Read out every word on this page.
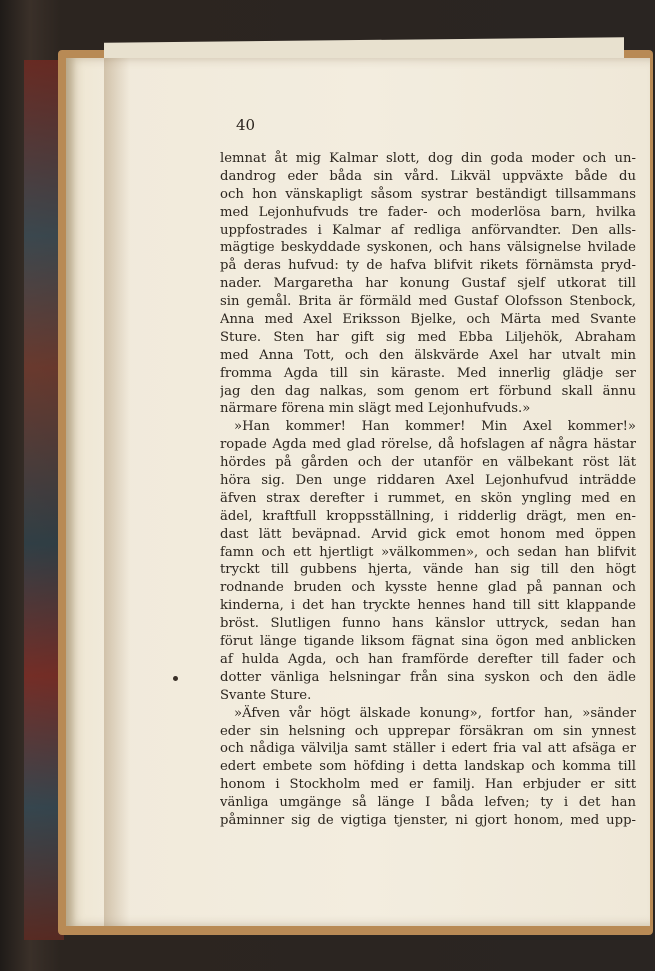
40
lemnat åt mig Kalmar slott, dog din goda moder och un-
dandrog eder båda sin vård. Likväl uppväxte både du
och hon vänskapligt såsom systrar beständigt tillsammans
med Lejonhufvuds tre fader- och moderlösa barn, hvilka
uppfostrades i Kalmar af redliga anförvandter. Den alls-
mägtige beskyddade syskonen, och hans välsignelse hvilade
på deras hufvud: ty de hafva blifvit rikets förnämsta pryd-
nader. Margaretha har konung Gustaf sjelf utkorat till
sin gemål. Brita är förmäld med Gustaf Olofsson Stenbock,
Anna med Axel Eriksson Bjelke, och Märta med Svante
Sture. Sten har gift sig med Ebba Liljehök, Abraham
med Anna Tott, och den älskvärde Axel har utvalt min
fromma Agda till sin käraste. Med innerlig glädje ser
jag den dag nalkas, som genom ert förbund skall ännu
närmare förena min slägt med Lejonhufvuds.»
»Han kommer! Han kommer! Min Axel kommer!»
ropade Agda med glad rörelse, då hofslagen af några hästar
hördes på gården och der utanför en välbekant röst lät
höra sig. Den unge riddaren Axel Lejonhufvud inträdde
äfven strax derefter i rummet, en skön yngling med en
ädel, kraftfull kroppsställning, i ridderlig drägt, men en-
dast lätt beväpnad. Arvid gick emot honom med öppen
famn och ett hjertligt »välkommen», och sedan han blifvit
tryckt till gubbens hjerta, vände han sig till den högt
rodnande bruden och kysste henne glad på pannan och
kinderna, i det han tryckte hennes hand till sitt klappande
bröst. Slutligen funno hans känslor uttryck, sedan han
förut länge tigande liksom fägnat sina ögon med anblicken
af hulda Agda, och han framförde derefter till fader och
dotter vänliga helsningar från sina syskon och den ädle
Svante Sture.
»Äfven vår högt älskade konung», fortfor han, »sänder
eder sin helsning och upprepar försäkran om sin ynnest
och nådiga välvilja samt ställer i edert fria val att afsäga er
edert embete som höfding i detta landskap och komma till
honom i Stockholm med er familj. Han erbjuder er sitt
vänliga umgänge så länge I båda lefven; ty i det han
påminner sig de vigtiga tjenster, ni gjort honom, med upp-
